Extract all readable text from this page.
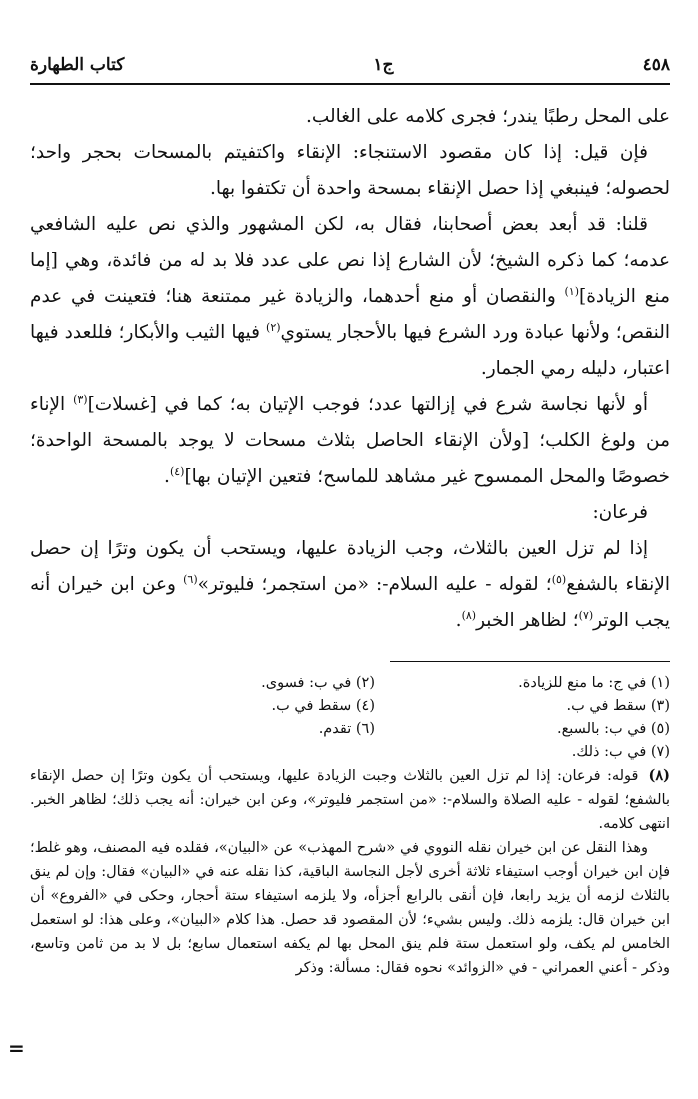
٤٥٨
ج١
كتاب الطهارة

على المحل رطبًا يندر؛ فجرى كلامه على الغالب.

فإن قيل: إذا كان مقصود الاستنجاء: الإنقاء واكتفيتم بالمسحات بحجر واحد؛ لحصوله؛ فينبغي إذا حصل الإنقاء بمسحة واحدة أن تكتفوا بها.

قلنا: قد أبعد بعض أصحابنا، فقال به، لكن المشهور والذي نص عليه الشافعي عدمه؛ كما ذكره الشيخ؛ لأن الشارع إذا نص على عدد فلا بد له من فائدة، وهي [إما منع الزيادة]$^{(١)}$ والنقصان أو منع أحدهما، والزيادة غير ممتنعة هنا؛ فتعينت في عدم النقص؛ ولأنها عبادة ورد الشرع فيها بالأحجار يستوي$^{(٢)}$ فيها الثيب والأبكار؛ فللعدد فيها اعتبار، دليله رمي الجمار.

أو لأنها نجاسة شرع في إزالتها عدد؛ فوجب الإتيان به؛ كما في [غسلات]$^{(٣)}$ الإناء من ولوغ الكلب؛ [ولأن الإنقاء الحاصل بثلاث مسحات لا يوجد بالمسحة الواحدة؛ خصوصًا والمحل الممسوح غير مشاهد للماسح؛ فتعين الإتيان بها]$^{(٤)}$.

فرعان:

إذا لم تزل العين بالثلاث، وجب الزيادة عليها، ويستحب أن يكون وترًا إن حصل الإنقاء بالشفع$^{(٥)}$؛ لقوله - عليه السلام-: «من استجمر؛ فليوتر»$^{(٦)}$ وعن ابن خيران أنه يجب الوتر$^{(٧)}$؛ لظاهر الخبر$^{(٨)}$.

(١) في ج: ما منع للزيادة.
(٢) في ب: فسوى.
(٣) سقط في ب.
(٤) سقط في ب.
(٥) في ب: بالسبع.
(٦) تقدم.
(٧) في ب: ذلك.

(٨)قوله: فرعان: إذا لم تزل العين بالثلاث وجبت الزيادة عليها، ويستحب أن يكون وترًا إن حصل الإنقاء بالشفع؛ لقوله - عليه الصلاة والسلام-: «من استجمر فليوتر»، وعن ابن خيران: أنه يجب ذلك؛ لظاهر الخبر. انتهى كلامه.

وهذا النقل عن ابن خيران نقله النووي في «شرح المهذب» عن «البيان»، فقلده فيه المصنف، وهو غلط؛ فإن ابن خيران أوجب استيفاء ثلاثة أخرى لأجل النجاسة الباقية، كذا نقله عنه في «البيان» فقال: وإن لم ينق بالثلاث لزمه أن يزيد رابعا، فإن أنقى بالرابع أجزأه، ولا يلزمه استيفاء ستة أحجار، وحكى في «الفروع» أن ابن خيران قال: يلزمه ذلك. وليس بشيء؛ لأن المقصود قد حصل. هذا كلام «البيان»، وعلى هذا: لو استعمل الخامس لم يكف، ولو استعمل ستة فلم ينق المحل بها لم يكفه استعمال سابع؛ بل لا بد من ثامن وتاسع، وذكر - أعني العمراني - في «الزوائد» نحوه فقال: مسألة: وذكر

=
